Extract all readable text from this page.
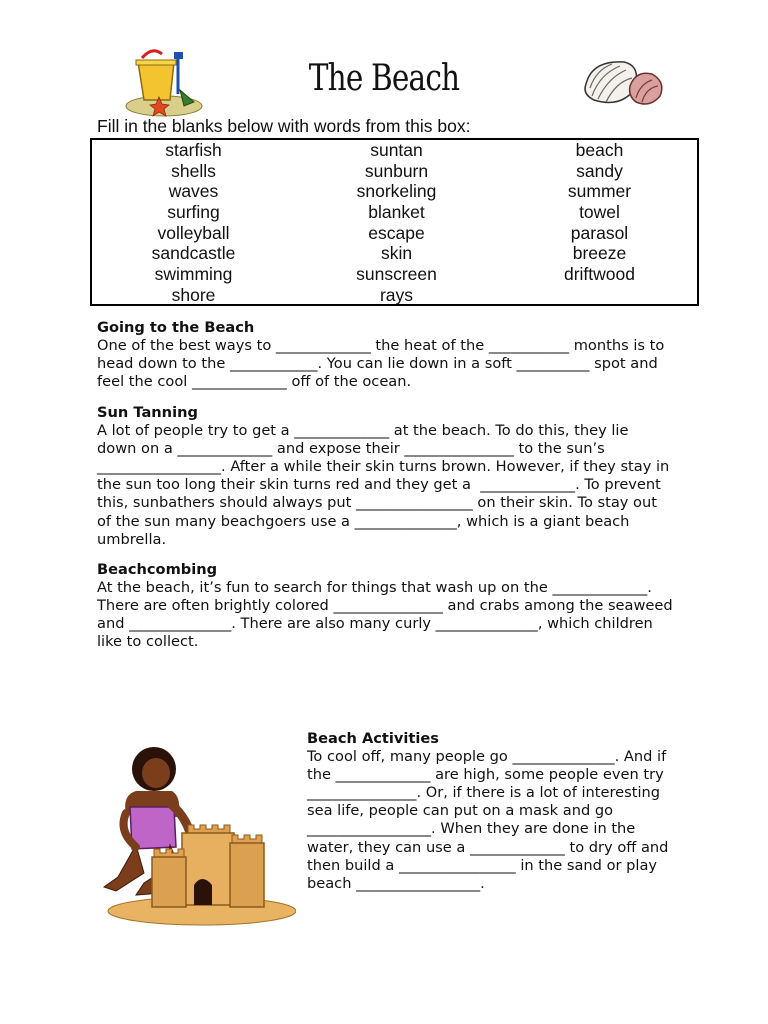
The Beach
Fill in the blanks below with words from this box:
starfish
shells
waves
surfing
volleyball
sandcastle
swimming
shore
suntan
sunburn
snorkeling
blanket
escape
skin
sunscreen
rays
beach
sandy
summer
towel
parasol
breeze
driftwood
Going to the Beach

One of the best ways to _____________ the heat of the ___________ months is to
head down to the ____________. You can lie down in a soft __________ spot and
feel the cool _____________ off of the ocean.

Sun Tanning

A lot of people try to get a _____________ at the beach. To do this, they lie
down on a _____________ and expose their _______________ to the sun’s
_________________. After a while their skin turns brown. However, if they stay in
the sun too long their skin turns red and they get a  _____________. To prevent
this, sunbathers should always put ________________ on their skin. To stay out
of the sun many beachgoers use a ______________, which is a giant beach
umbrella.

Beachcombing

At the beach, it’s fun to search for things that wash up on the _____________.
There are often brightly colored _______________ and crabs among the seaweed
and ______________. There are also many curly ______________, which children
like to collect.

Beach Activities

To cool off, many people go ______________. And if
the _____________ are high, some people even try
_______________. Or, if there is a lot of interesting
sea life, people can put on a mask and go
_________________. When they are done in the
water, they can use a _____________ to dry off and
then build a ________________ in the sand or play
beach _________________.
